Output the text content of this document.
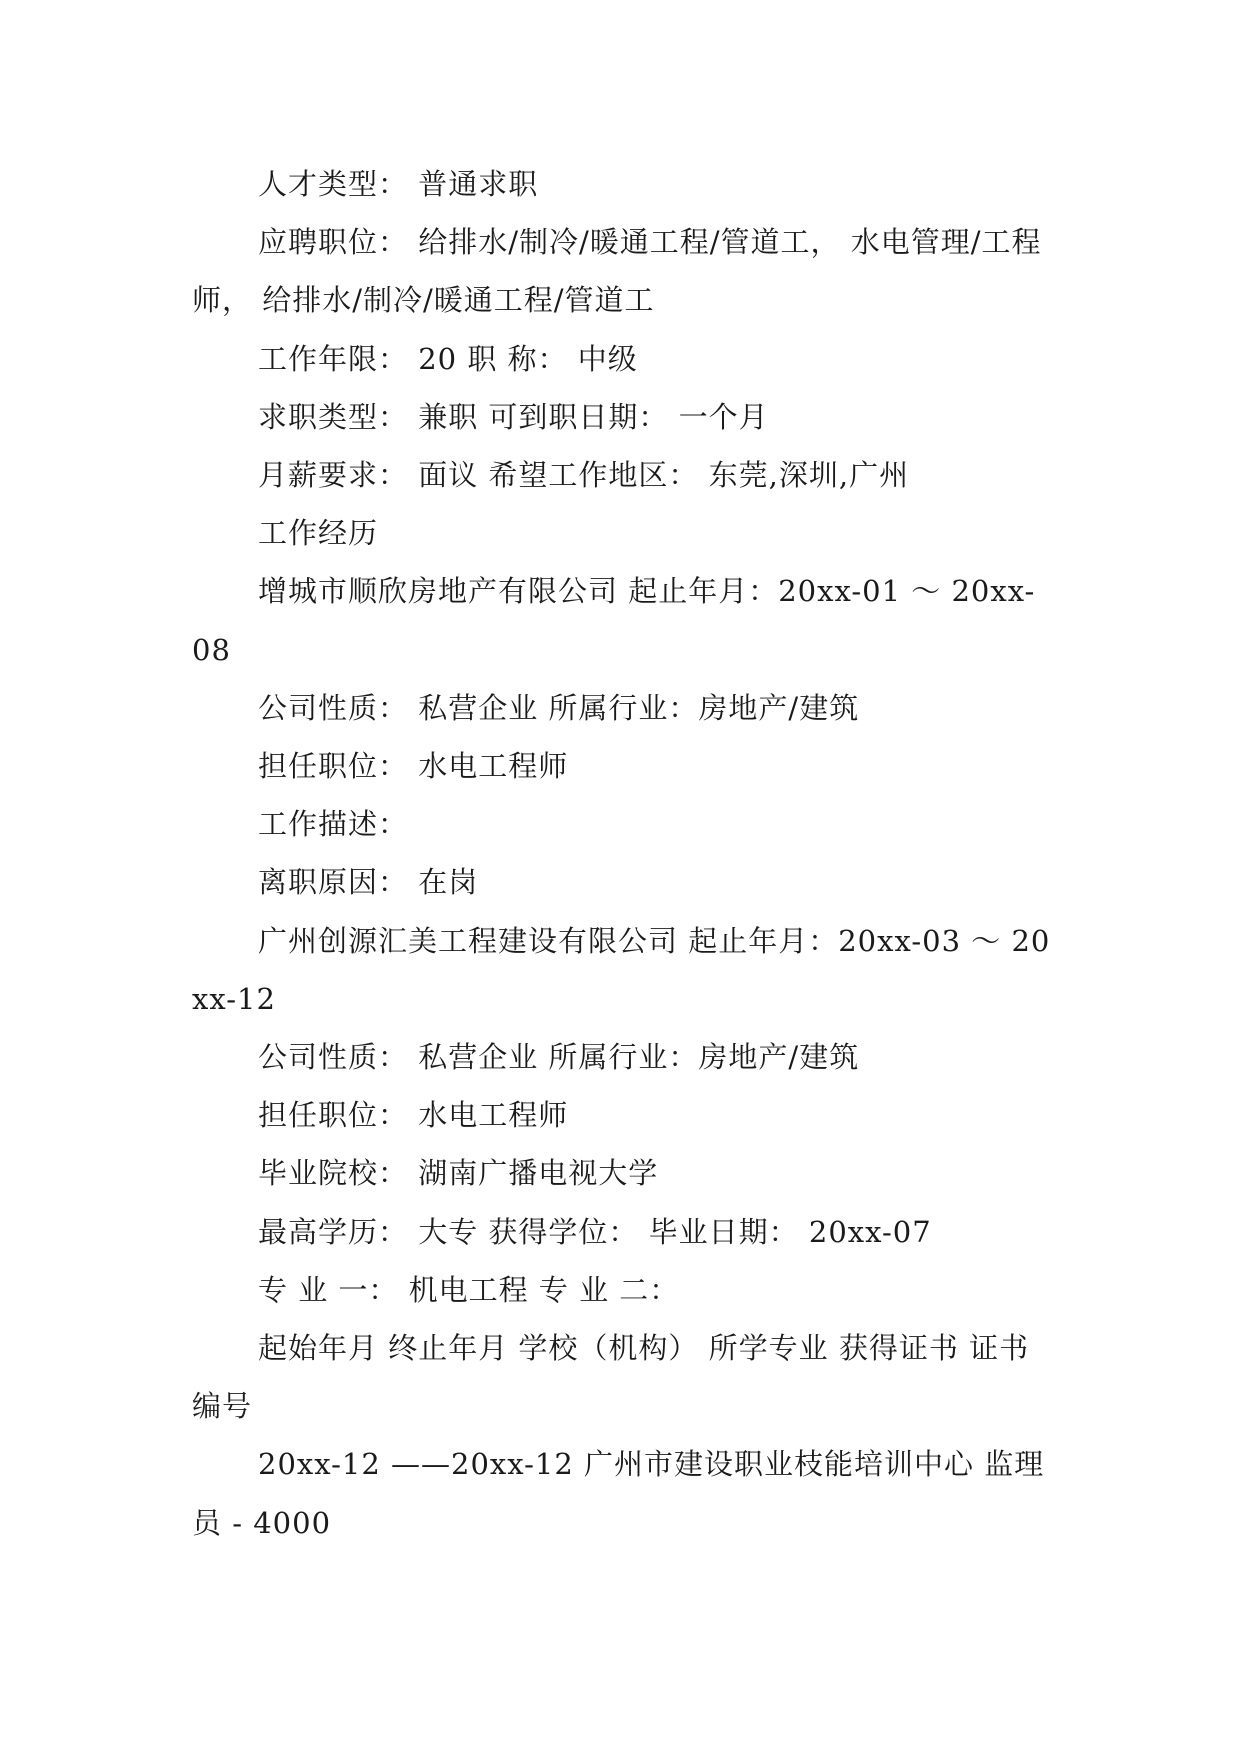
人才类型： 普通求职

应聘职位： 给排水/制冷/暖通工程/管道工， 水电管理/工程师， 给排水/制冷/暖通工程/管道工

工作年限： 20 职 称： 中级

求职类型： 兼职 可到职日期： 一个月

月薪要求： 面议 希望工作地区： 东莞,深圳,广州

工作经历

增城市顺欣房地产有限公司 起止年月：20xx-01 ～ 20xx-08

公司性质： 私营企业 所属行业：房地产/建筑

担任职位： 水电工程师

工作描述：

离职原因： 在岗

广州创源汇美工程建设有限公司 起止年月：20xx-03 ～ 20xx-12

公司性质： 私营企业 所属行业：房地产/建筑

担任职位： 水电工程师

毕业院校： 湖南广播电视大学

最高学历： 大专 获得学位： 毕业日期： 20xx-07

专 业 一： 机电工程 专 业 二：

起始年月 终止年月 学校（机构） 所学专业 获得证书 证书编号

20xx-12 ——20xx-12 广州市建设职业枝能培训中心 监理员 - 4000
